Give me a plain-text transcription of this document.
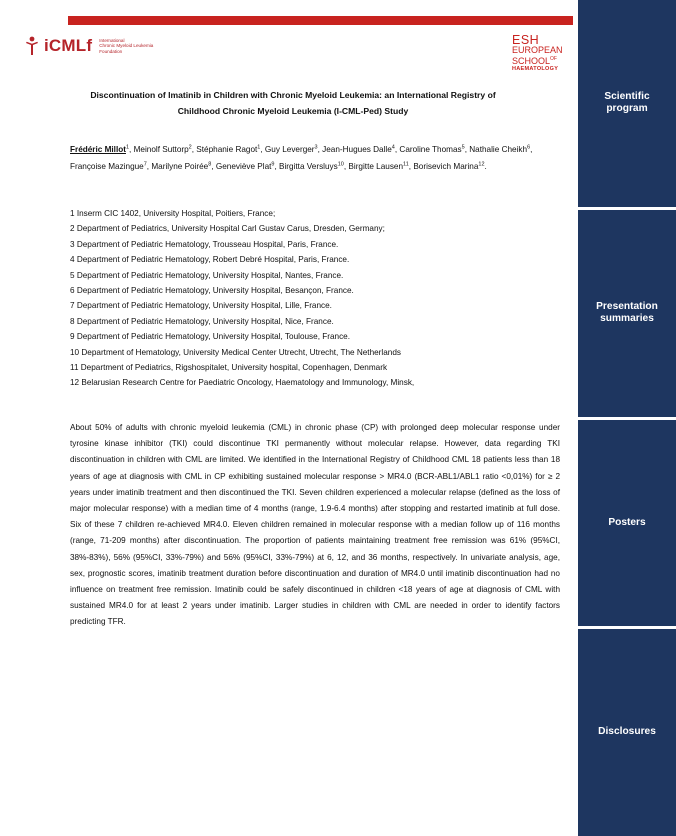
iCMLf International
Chronic Myeloid Leukemia
Foundation
ESH
EUROPEAN
$SCHOOL^{OF}$
HAEMATOLOGY
Discontinuation of Imatinib in Children with Chronic Myeloid Leukemia: an International Registry of
Childhood Chronic Myeloid Leukemia (I-CML-Ped) Study
Frédéric Millot$^1$, Meinolf Suttorp$^2$, Stéphanie Ragot$^1$, Guy Leverger$^3$, Jean-Hugues Dalle$^4$, Caroline Thomas$^5$, Nathalie Cheikh$^6$, Françoise Mazingue$^7$, Marilyne Poirée$^8$, Geneviève Plat$^9$, Birgitta Versluys$^{10}$, Birgitte Lausen$^{11}$, Borisevich Marina$^{12}$.
1 Inserm CIC 1402, University Hospital, Poitiers, France;
2 Department of Pediatrics, University Hospital Carl Gustav Carus, Dresden, Germany;
3 Department of Pediatric Hematology, Trousseau Hospital, Paris, France.
4 Department of Pediatric Hematology, Robert Debré Hospital, Paris, France.
5 Department of Pediatric Hematology, University Hospital, Nantes, France.
6 Department of Pediatric Hematology, University Hospital, Besançon, France.
7 Department of Pediatric Hematology, University Hospital, Lille, France.
8 Department of Pediatric Hematology, University Hospital, Nice, France.
9 Department of Pediatric Hematology, University Hospital, Toulouse, France.
10 Department of Hematology, University Medical Center Utrecht, Utrecht, The Netherlands
11 Department of Pediatrics, Rigshospitalet, University hospital, Copenhagen, Denmark
12 Belarusian Research Centre for Paediatric Oncology, Haematology and Immunology, Minsk,

About 50% of adults with chronic myeloid leukemia (CML) in chronic phase (CP) with prolonged deep molecular response under tyrosine kinase inhibitor (TKI) could discontinue TKI permanently without molecular relapse. However, data regarding TKI discontinuation in children with CML are limited. We identified in the International Registry of Childhood CML 18 patients less than 18 years of age at diagnosis with CML in CP exhibiting sustained molecular response > MR4.0 (BCR-ABL1/ABL1 ratio <0,01%) for ≥ 2 years under imatinib treatment and then discontinued the TKI. Seven children experienced a molecular relapse (defined as the loss of major molecular response) with a median time of 4 months (range, 1.9-6.4 months) after stopping and restarted imatinib at full dose. Six of these 7 children re-achieved MR4.0. Eleven children remained in molecular response with a median follow up of 116 months (range, 71-209 months) after discontinuation. The proportion of patients maintaining treatment free remission was 61% (95%CI, 38%-83%), 56% (95%CI, 33%-79%) and 56% (95%CI, 33%-79%) at 6, 12, and 36 months, respectively. In univariate analysis, age, sex, prognostic scores, imatinib treatment duration before discontinuation and duration of MR4.0 until imatinib discontinuation had no influence on treatment free remission. Imatinib could be safely discontinued in children <18 years of age at diagnosis of CML with sustained MR4.0 for at least 2 years under imatinib. Larger studies in children with CML are needed in order to identify factors predicting TFR.

Scientific
program
Presentation
summaries
Posters
Disclosures
